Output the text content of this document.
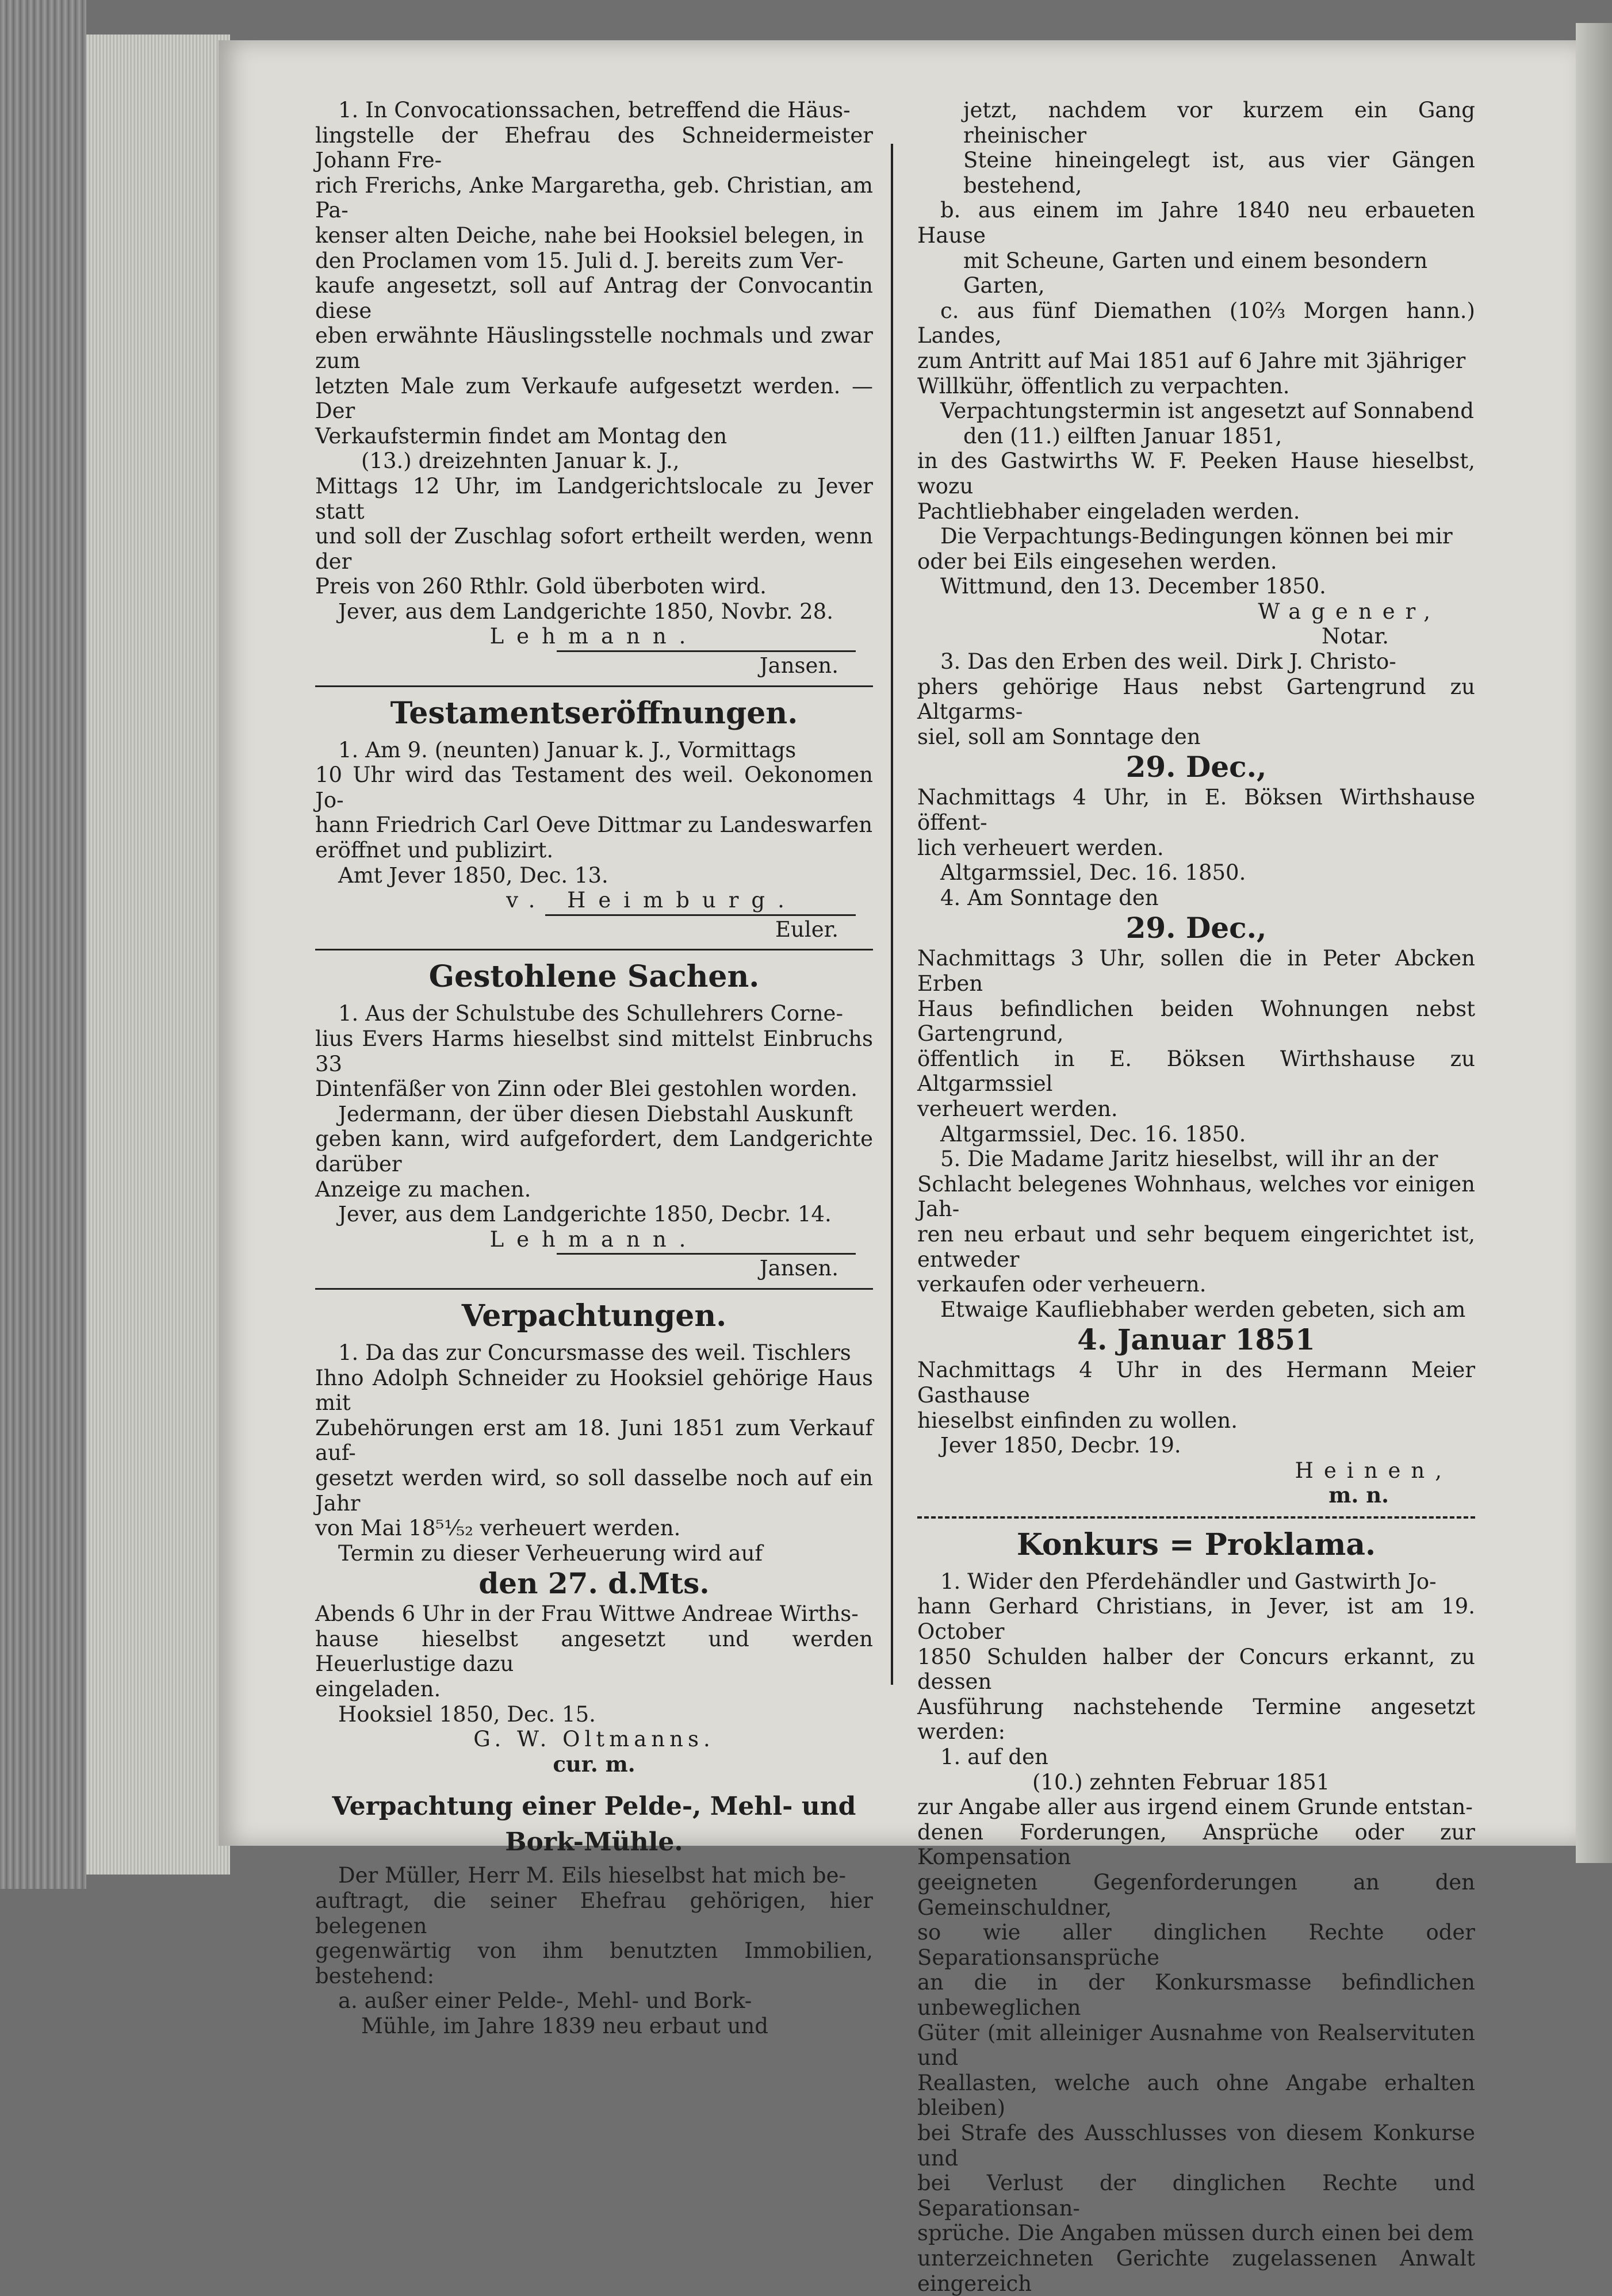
1. In Convocationssachen, betreffend die Häus-

lingstelle der Ehefrau des Schneidermeister Johann Fre-

rich Frerichs, Anke Margaretha, geb. Christian, am Pa-

kenser alten Deiche, nahe bei Hooksiel belegen, in

den Proclamen vom 15. Juli d. J. bereits zum Ver-

kaufe angesetzt, soll auf Antrag der Convocantin diese

eben erwähnte Häuslingsstelle nochmals und zwar zum

letzten Male zum Verkaufe aufgesetzt werden. — Der

Verkaufstermin findet am Montag den

(13.) dreizehnten Januar k. J.,

Mittags 12 Uhr, im Landgerichtslocale zu Jever statt

und soll der Zuschlag sofort ertheilt werden, wenn der

Preis von 260 Rthlr. Gold überboten wird.

Jever, aus dem Landgerichte 1850, Novbr. 28.

Lehmann.

Jansen.

Testamentseröffnungen.

1. Am 9. (neunten) Januar k. J., Vormittags

10 Uhr wird das Testament des weil. Oekonomen Jo-

hann Friedrich Carl Oeve Dittmar zu Landeswarfen

eröffnet und publizirt.

Amt Jever 1850, Dec. 13.

v. Heimburg.

Euler.

Gestohlene Sachen.

1. Aus der Schulstube des Schullehrers Corne-

lius Evers Harms hieselbst sind mittelst Einbruchs 33

Dintenfäßer von Zinn oder Blei gestohlen worden.

Jedermann, der über diesen Diebstahl Auskunft

geben kann, wird aufgefordert, dem Landgerichte darüber

Anzeige zu machen.

Jever, aus dem Landgerichte 1850, Decbr. 14.

Lehmann.

Jansen.

Verpachtungen.

1. Da das zur Concursmasse des weil. Tischlers

Ihno Adolph Schneider zu Hooksiel gehörige Haus mit

Zubehörungen erst am 18. Juni 1851 zum Verkauf auf-

gesetzt werden wird, so soll dasselbe noch auf ein Jahr

von Mai 18⁵¹⁄₅₂ verheuert werden.

Termin zu dieser Verheuerung wird auf

den 27. d.Mts.

Abends 6 Uhr in der Frau Wittwe Andreae Wirths-

hause hieselbst angesetzt und werden Heuerlustige dazu

eingeladen.

Hooksiel 1850, Dec. 15.

G. W. Oltmanns.

cur. m.

Verpachtung einer Pelde-, Mehl- und

Bork-Mühle.

Der Müller, Herr M. Eils hieselbst hat mich be-

auftragt, die seiner Ehefrau gehörigen, hier belegenen

gegenwärtig von ihm benutzten Immobilien, bestehend:

a. außer einer Pelde-, Mehl- und Bork-

Mühle, im Jahre 1839 neu erbaut und

jetzt, nachdem vor kurzem ein Gang rheinischer

Steine hineingelegt ist, aus vier Gängen bestehend,

b. aus einem im Jahre 1840 neu erbaueten Hause

mit Scheune, Garten und einem besondern

Garten,

c. aus fünf Diemathen (10⅔ Morgen hann.) Landes,

zum Antritt auf Mai 1851 auf 6 Jahre mit 3jähriger

Willkühr, öffentlich zu verpachten.

Verpachtungstermin ist angesetzt auf Sonnabend

den (11.) eilften Januar 1851,

in des Gastwirths W. F. Peeken Hause hieselbst, wozu

Pachtliebhaber eingeladen werden.

Die Verpachtungs-Bedingungen können bei mir

oder bei Eils eingesehen werden.

Wittmund, den 13. December 1850.

Wagener,

Notar.

3. Das den Erben des weil. Dirk J. Christo-

phers gehörige Haus nebst Gartengrund zu Altgarms-

siel, soll am Sonntage den

29. Dec.,

Nachmittags 4 Uhr, in E. Böksen Wirthshause öffent-

lich verheuert werden.

Altgarmssiel, Dec. 16. 1850.

4. Am Sonntage den

29. Dec.,

Nachmittags 3 Uhr, sollen die in Peter Abcken Erben

Haus befindlichen beiden Wohnungen nebst Gartengrund,

öffentlich in E. Böksen Wirthshause zu Altgarmssiel

verheuert werden.

Altgarmssiel, Dec. 16. 1850.

5. Die Madame Jaritz hieselbst, will ihr an der

Schlacht belegenes Wohnhaus, welches vor einigen Jah-

ren neu erbaut und sehr bequem eingerichtet ist, entweder

verkaufen oder verheuern.

Etwaige Kaufliebhaber werden gebeten, sich am

4. Januar 1851

Nachmittags 4 Uhr in des Hermann Meier Gasthause

hieselbst einfinden zu wollen.

Jever 1850, Decbr. 19.

Heinen,

m. n.

Konkurs = Proklama.

1. Wider den Pferdehändler und Gastwirth Jo-

hann Gerhard Christians, in Jever, ist am 19. October

1850 Schulden halber der Concurs erkannt, zu dessen

Ausführung nachstehende Termine angesetzt werden:

1. auf den

(10.) zehnten Februar 1851

zur Angabe aller aus irgend einem Grunde entstan-

denen Forderungen, Ansprüche oder zur Kompensation

geeigneten Gegenforderungen an den Gemeinschuldner,

so wie aller dinglichen Rechte oder Separationsansprüche

an die in der Konkursmasse befindlichen unbeweglichen

Güter (mit alleiniger Ausnahme von Realservituten und

Reallasten, welche auch ohne Angabe erhalten bleiben)

bei Strafe des Ausschlusses von diesem Konkurse und

bei Verlust der dinglichen Rechte und Separationsan-

sprüche. Die Angaben müssen durch einen bei dem

unterzeichneten Gerichte zugelassenen Anwalt eingereich
